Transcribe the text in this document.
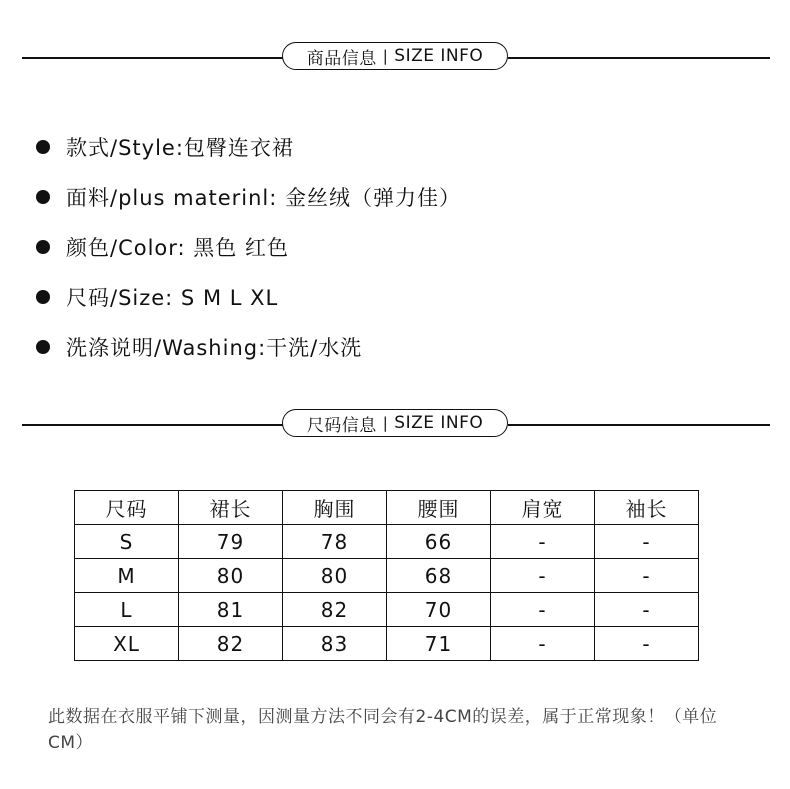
商品信息 | SIZE INFO
款式/Style:包臀连衣裙
面料/plus materinl: 金丝绒（弹力佳）
颜色/Color: 黑色 红色
尺码/Size: S M L XL
洗涤说明/Washing:干洗/水洗
尺码信息 | SIZE INFO
尺码	裙长	胸围	腰围	肩宽	袖长
S	79	78	66	-	-
M	80	80	68	-	-
L	81	82	70	-	-
XL	82	83	71	-	-
此数据在衣服平铺下测量，因测量方法不同会有2-4CM的误差，属于正常现象！（单位CM）
